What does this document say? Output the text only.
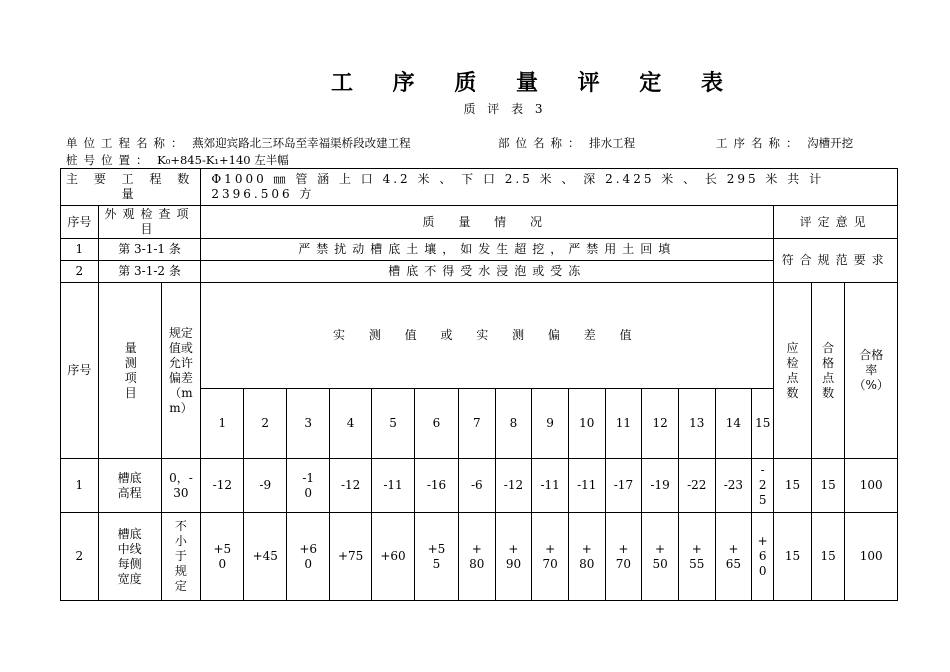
工 序 质 量 评 定 表
质 评 表 3
单位工程名称： 燕郊迎宾路北三环岛至幸福渠桥段改建工程	部位名称： 排水工程	工序名称： 沟槽开挖
桩号位置： K₀+845-K₁+140 左半幅
主 要 工 程 数 量			Φ1000 ㎜ 管 涵 上 口 4.2 米 、 下 口 2.5 米 、 深 2.425 米 、 长 295 米 共 计 2396.506 方																	
序号	外观检查项目		质 量 情 况															评定意见		
1	第 3-1-1 条		严禁扰动槽底土壤，如发生超挖，严禁用土回填															符合规范要求		
2	第 3-1-2 条		槽底不得受水浸泡或受冻																	
序号	量测项目	规定值或允许偏差（mm）	实 测 值 或 实 测 偏 差 值															应检点数	合格点数	合格率（%）
			1	2	3	4	5	6	7	8	9	10	11	12	13	14	15			
1	槽底高程	0，-30	-12	-9	-10	-12	-11	-16	-6	-12	-11	-11	-17	-19	-22	-23	-25	15	15	100
2	槽底中线每侧宽度	不小于规定	+50	+45	+60	+75	+60	+55	+80	+90	+70	+80	+70	+50	+55	+65	+60	15	15	100
